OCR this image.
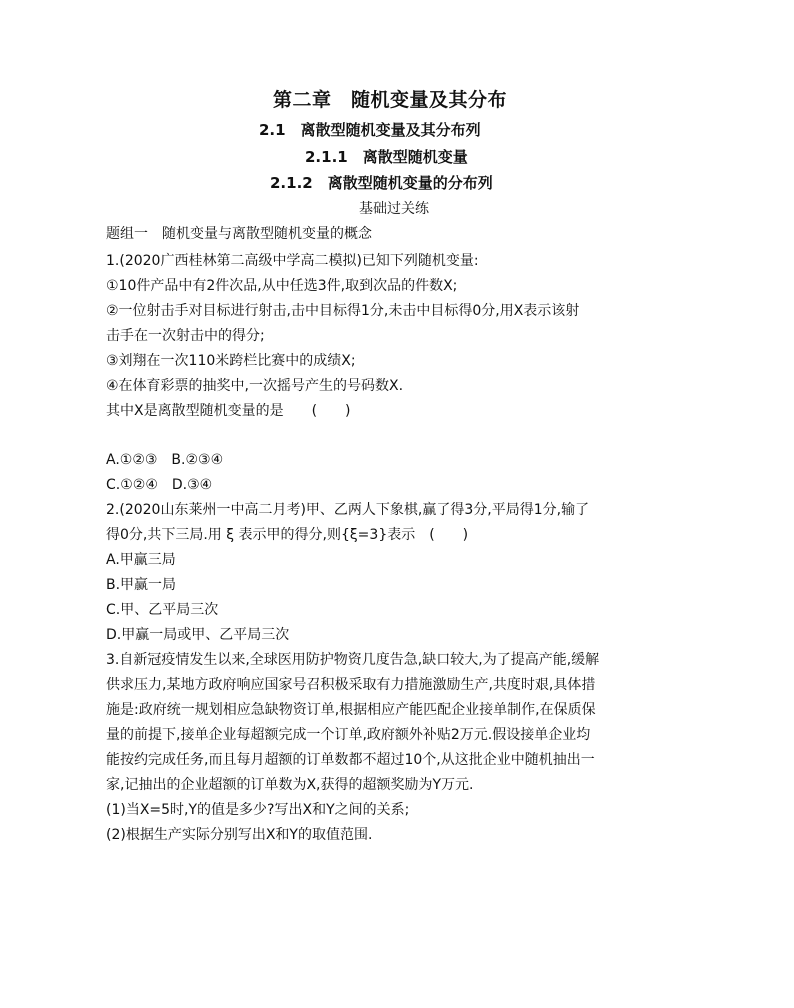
第二章　随机变量及其分布
2.1　离散型随机变量及其分布列
2.1.1　离散型随机变量
2.1.2　离散型随机变量的分布列
基础过关练
题组一　随机变量与离散型随机变量的概念
1.(2020广西桂林第二高级中学高二模拟)已知下列随机变量:
①10件产品中有2件次品,从中任选3件,取到次品的件数X;
②一位射击手对目标进行射击,击中目标得1分,未击中目标得0分,用X表示该射
击手在一次射击中的得分;
③刘翔在一次110米跨栏比赛中的成绩X;
④在体育彩票的抽奖中,一次摇号产生的号码数X.
其中X是离散型随机变量的是　　(　　)
A.①②③　B.②③④
C.①②④　D.③④
2.(2020山东莱州一中高二月考)甲、乙两人下象棋,赢了得3分,平局得1分,输了
得0分,共下三局.用 ξ 表示甲的得分,则{ξ=3}表示　(　　)
A.甲赢三局
B.甲赢一局
C.甲、乙平局三次
D.甲赢一局或甲、乙平局三次
3.自新冠疫情发生以来,全球医用防护物资几度告急,缺口较大,为了提高产能,缓解
供求压力,某地方政府响应国家号召积极采取有力措施激励生产,共度时艰,具体措
施是:政府统一规划相应急缺物资订单,根据相应产能匹配企业接单制作,在保质保
量的前提下,接单企业每超额完成一个订单,政府额外补贴2万元.假设接单企业均
能按约完成任务,而且每月超额的订单数都不超过10个,从这批企业中随机抽出一
家,记抽出的企业超额的订单数为X,获得的超额奖励为Y万元.
(1)当X=5时,Y的值是多少?写出X和Y之间的关系;
(2)根据生产实际分别写出X和Y的取值范围.
